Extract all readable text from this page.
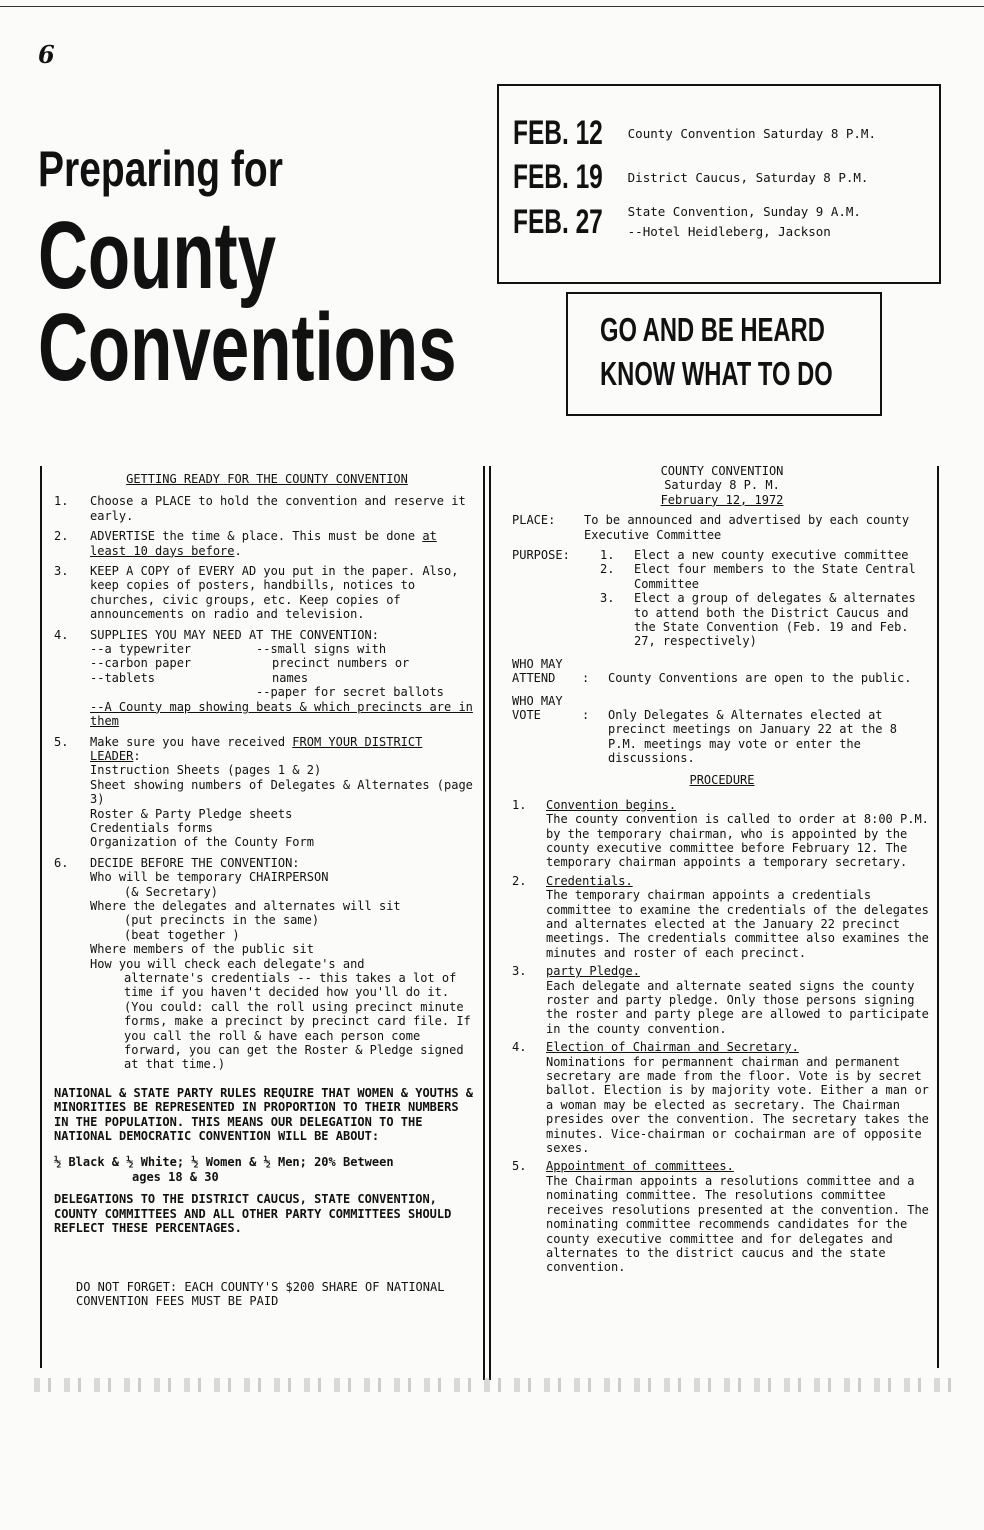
6
Preparing for
County
Conventions
FEB. 12 County Convention Saturday 8 P.M.
FEB. 19 District Caucus, Saturday 8 P.M.
FEB. 27 State Convention, Sunday 9 A.M.
--Hotel Heidleberg, Jackson
GO AND BE HEARD
KNOW WHAT TO DO

GETTING READY FOR THE COUNTY CONVENTION

1. Choose a PLACE to hold the convention and reserve it early.
2. ADVERTISE the time & place. This must be done at least 10 days before.
3. KEEP A COPY of EVERY AD you put in the paper. Also, keep copies of posters, handbills, notices to churches, civic groups, etc. Keep copies of announcements on radio and television.
4. SUPPLIES YOU MAY NEED AT THE CONVENTION:

--a typewriter

--carbon paper

--tablets

--small signs with

precinct numbers or

names

--paper for secret ballots

--A County map showing beats & which precincts are in them

5. Make sure you have received FROM YOUR DISTRICT LEADER:

Instruction Sheets (pages 1 & 2)

Sheet showing numbers of Delegates & Alternates (page 3)

Roster & Party Pledge sheets

Credentials forms

Organization of the County Form

6. DECIDE BEFORE THE CONVENTION:

Who will be temporary CHAIRPERSON

(& Secretary)

Where the delegates and alternates will sit

(put precincts in the same)

(beat together )

Where members of the public sit

How you will check each delegate's and

alternate's credentials -- this takes a lot of time if you haven't decided how you'll do it. (You could: call the roll using precinct minute forms, make a precinct by precinct card file. If you call the roll & have each person come forward, you can get the Roster & Pledge signed at that time.)

NATIONAL & STATE PARTY RULES REQUIRE THAT WOMEN & YOUTHS & MINORITIES BE REPRESENTED IN PROPORTION TO THEIR NUMBERS IN THE POPULATION. THIS MEANS OUR DELEGATION TO THE NATIONAL DEMOCRATIC CONVENTION WILL BE ABOUT:

½ Black & ½ White; ½ Women & ½ Men; 20% Between

ages 18 & 30

DELEGATIONS TO THE DISTRICT CAUCUS, STATE CONVENTION, COUNTY COMMITTEES AND ALL OTHER PARTY COMMITTEES SHOULD REFLECT THESE PERCENTAGES.

DO NOT FORGET: EACH COUNTY'S $200 SHARE OF NATIONAL CONVENTION FEES MUST BE PAID

COUNTY CONVENTION

Saturday 8 P. M.

February 12, 1972

PLACE:	To be announced and advertised by each county Executive Committee
PURPOSE:	1. Elect a new county executive committee
2. Elect four members to the State Central Committee
3. Elect a group of delegates & alternates to attend both the District Caucus and the State Convention (Feb. 19 and Feb. 27, respectively)

WHO MAY

ATTEND	:	County Conventions are open to the public.

WHO MAY

VOTE	:	Only Delegates & Alternates elected at precinct meetings on January 22 at the 8 P.M. meetings may vote or enter the discussions.

PROCEDURE

1. Convention begins.

The county convention is called to order at 8:00 P.M. by the temporary chairman, who is appointed by the county executive committee before February 12. The temporary chairman appoints a temporary secretary.

2. Credentials.

The temporary chairman appoints a credentials committee to examine the credentials of the delegates and alternates elected at the January 22 precinct meetings. The credentials committee also examines the minutes and roster of each precinct.

3. party Pledge.

Each delegate and alternate seated signs the county roster and party pledge. Only those persons signing the roster and party plege are allowed to participate in the county convention.

4. Election of Chairman and Secretary.

Nominations for permannent chairman and permanent secretary are made from the floor. Vote is by secret ballot. Election is by majority vote. Either a man or a woman may be elected as secretary. The Chairman presides over the convention. The secretary takes the minutes. Vice-chairman or cochairman are of opposite sexes.

5. Appointment of committees.

The Chairman appoints a resolutions committee and a nominating committee. The resolutions committee receives resolutions presented at the convention. The nominating committee recommends candidates for the county executive committee and for delegates and alternates to the district caucus and the state convention.
